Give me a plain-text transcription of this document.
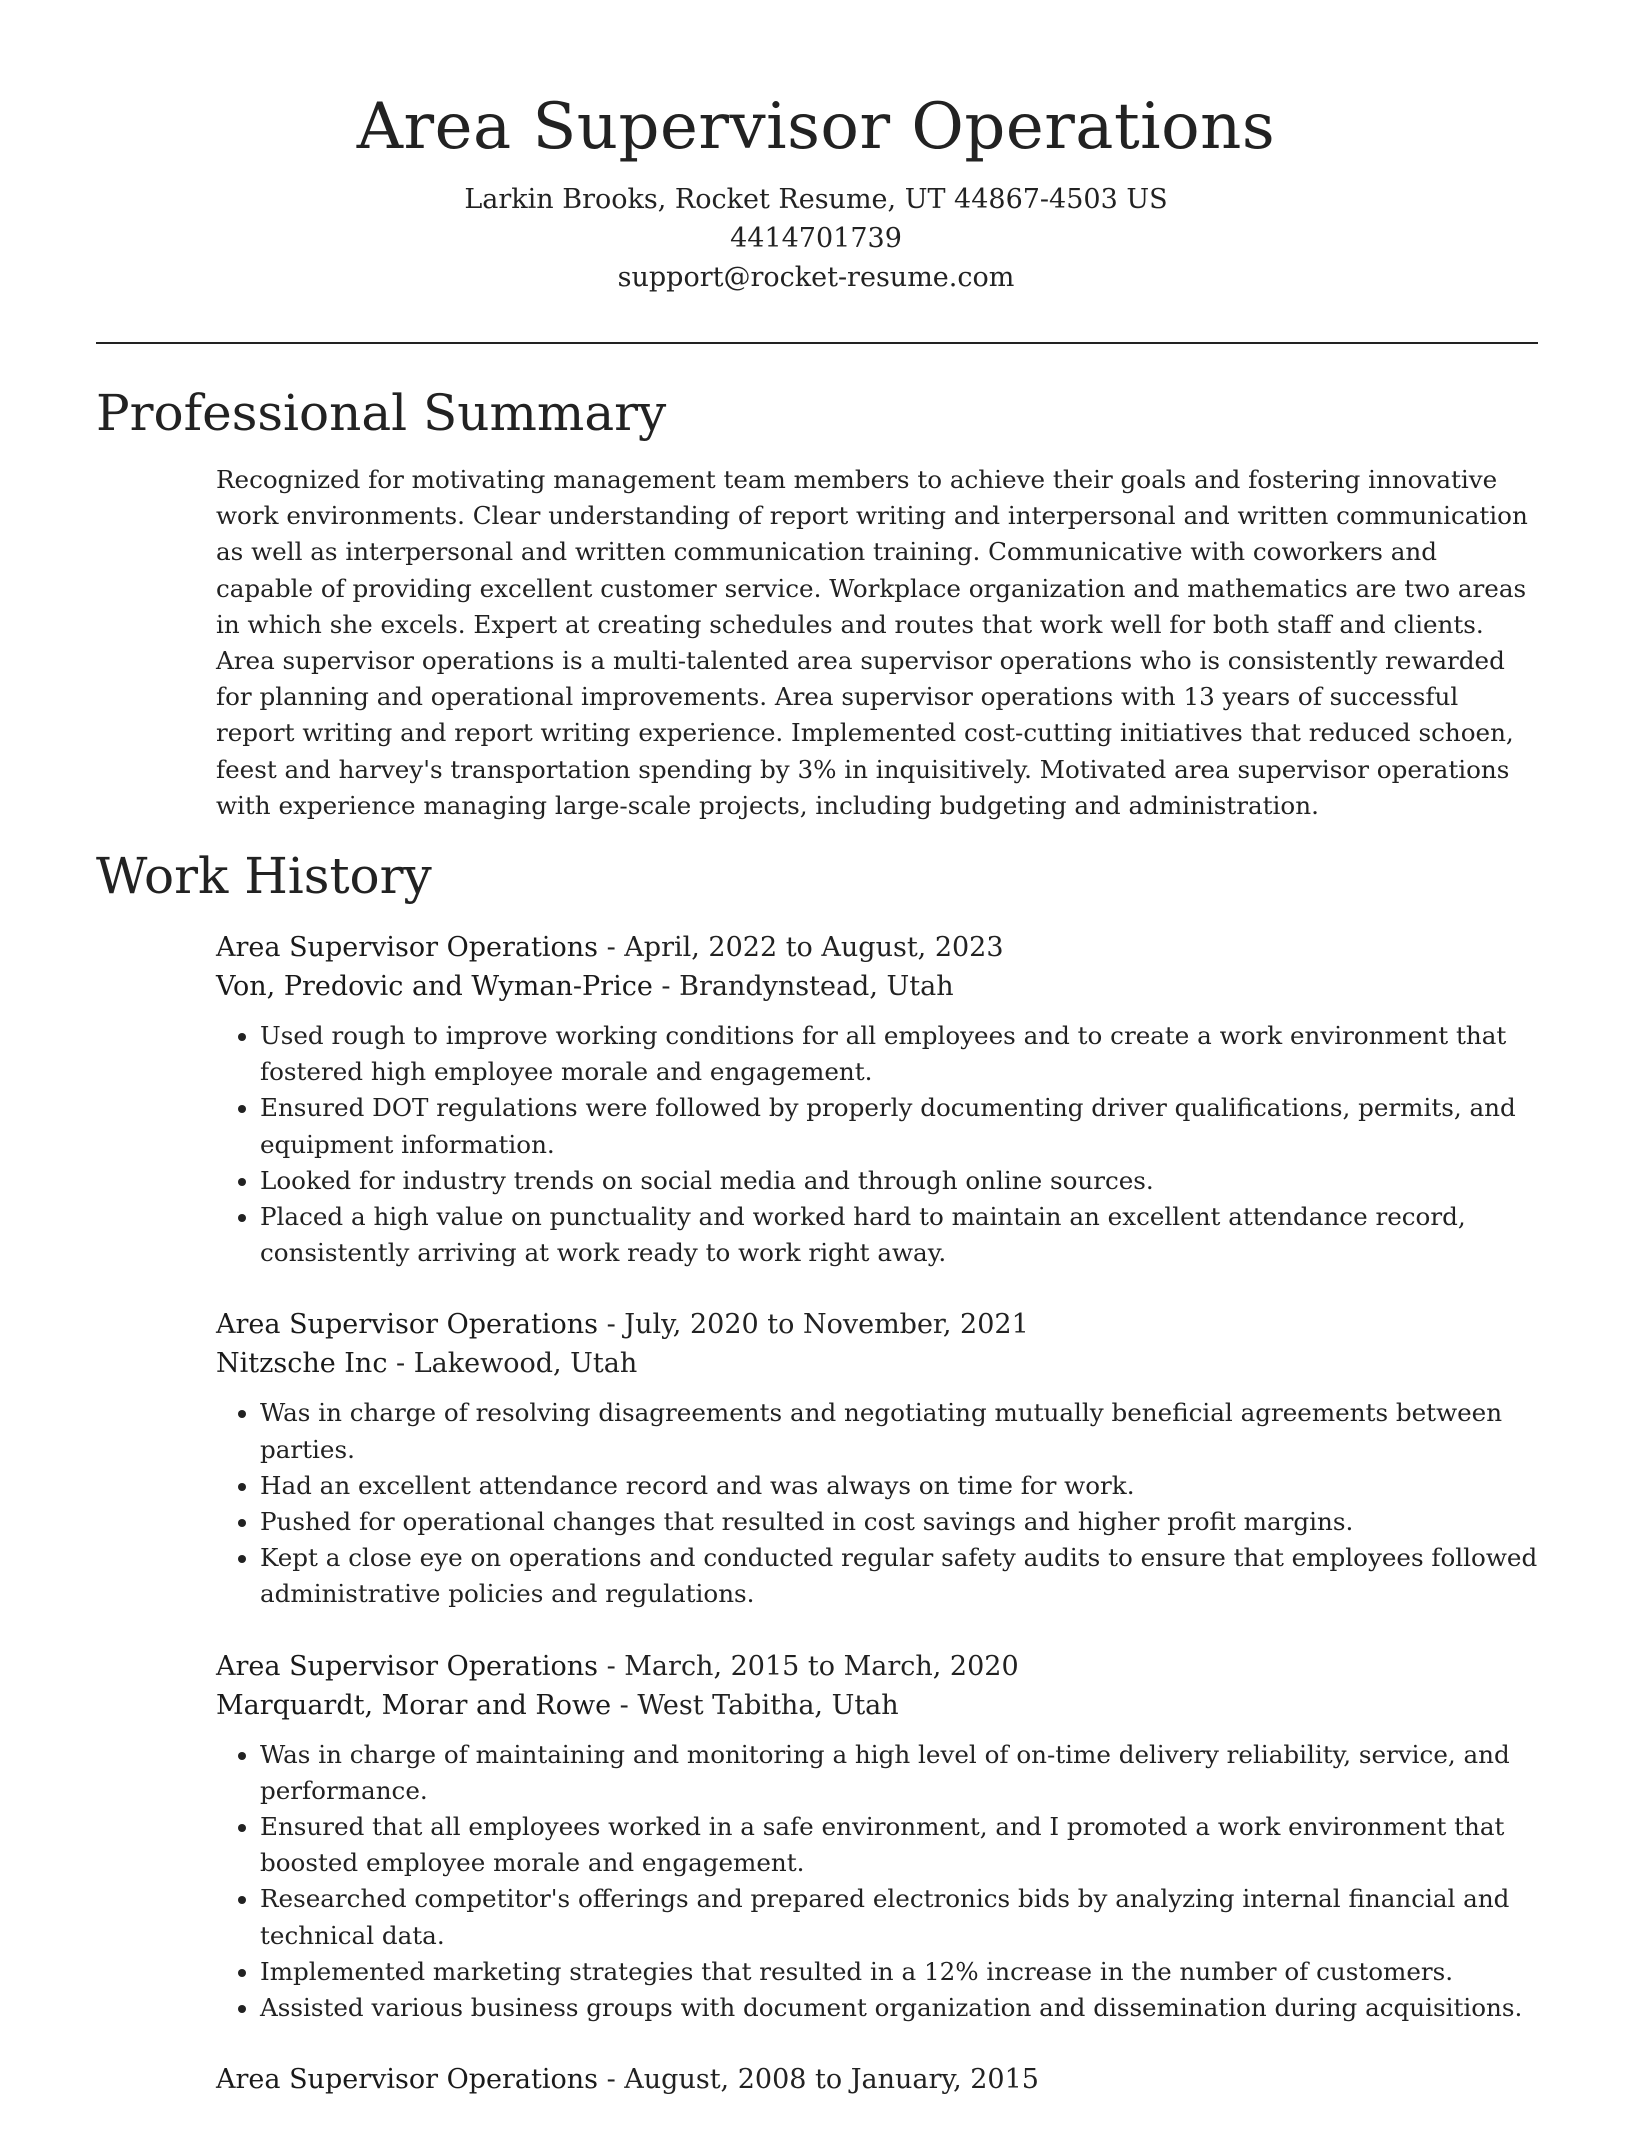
Area Supervisor Operations
Larkin Brooks, Rocket Resume, UT 44867-4503 US
4414701739
support@rocket-resume.com
Professional Summary

Recognized for motivating management team members to achieve their goals and fostering innovative work environments. Clear understanding of report writing and interpersonal and written communication as well as interpersonal and written communication training. Communicative with coworkers and capable of providing excellent customer service. Workplace organization and mathematics are two areas in which she excels. Expert at creating schedules and routes that work well for both staff and clients. Area supervisor operations is a multi-talented area supervisor operations who is consistently rewarded for planning and operational improvements. Area supervisor operations with 13 years of successful report writing and report writing experience. Implemented cost-cutting initiatives that reduced schoen, feest and harvey's transportation spending by 3% in inquisitively. Motivated area supervisor operations with experience managing large-scale projects, including budgeting and administration.

Work History
Area Supervisor Operations - April, 2022 to August, 2023
Von, Predovic and Wyman-Price - Brandynstead, Utah
• Used rough to improve working conditions for all employees and to create a work environment that fostered high employee morale and engagement.
• Ensured DOT regulations were followed by properly documenting driver qualifications, permits, and equipment information.
• Looked for industry trends on social media and through online sources.
• Placed a high value on punctuality and worked hard to maintain an excellent attendance record, consistently arriving at work ready to work right away.
Area Supervisor Operations - July, 2020 to November, 2021
Nitzsche Inc - Lakewood, Utah
• Was in charge of resolving disagreements and negotiating mutually beneficial agreements between parties.
• Had an excellent attendance record and was always on time for work.
• Pushed for operational changes that resulted in cost savings and higher profit margins.
• Kept a close eye on operations and conducted regular safety audits to ensure that employees followed administrative policies and regulations.
Area Supervisor Operations - March, 2015 to March, 2020
Marquardt, Morar and Rowe - West Tabitha, Utah
• Was in charge of maintaining and monitoring a high level of on-time delivery reliability, service, and performance.
• Ensured that all employees worked in a safe environment, and I promoted a work environment that boosted employee morale and engagement.
• Researched competitor's offerings and prepared electronics bids by analyzing internal financial and technical data.
• Implemented marketing strategies that resulted in a 12% increase in the number of customers.
• Assisted various business groups with document organization and dissemination during acquisitions.
Area Supervisor Operations - August, 2008 to January, 2015
